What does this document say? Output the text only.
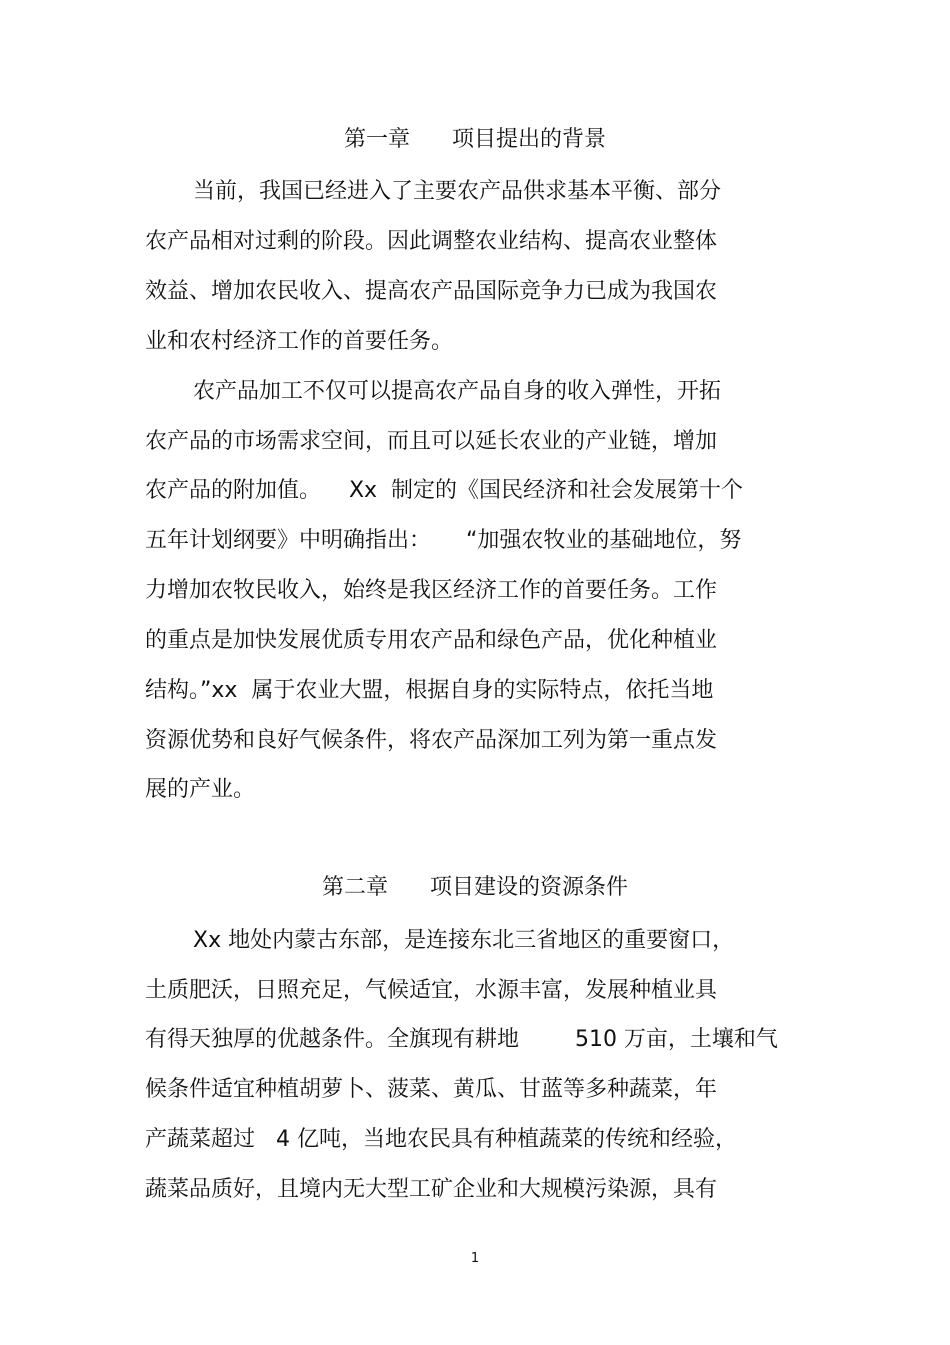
第一章      项目提出的背景
当前，我国已经进入了主要农产品供求基本平衡、部分
农产品相对过剩的阶段。因此调整农业结构、提高农业整体
效益、增加农民收入、提高农产品国际竞争力已成为我国农
业和农村经济工作的首要任务。
农产品加工不仅可以提高农产品自身的收入弹性，开拓
农产品的市场需求空间，而且可以延长农业的产业链，增加
农产品的附加值。    Xx  制定的《国民经济和社会发展第十个
五年计划纲要》中明确指出：     “加强农牧业的基础地位，努
力增加农牧民收入，始终是我区经济工作的首要任务。工作
的重点是加快发展优质专用农产品和绿色产品，优化种植业
结构。”xx  属于农业大盟，根据自身的实际特点，依托当地
资源优势和良好气候条件，将农产品深加工列为第一重点发
展的产业。
第二章      项目建设的资源条件
Xx 地处内蒙古东部，是连接东北三省地区的重要窗口，
土质肥沃，日照充足，气候适宜，水源丰富，发展种植业具
有得天独厚的优越条件。全旗现有耕地        510 万亩，土壤和气
候条件适宜种植胡萝卜、菠菜、黄瓜、甘蓝等多种蔬菜，年
产蔬菜超过   4 亿吨，当地农民具有种植蔬菜的传统和经验，
蔬菜品质好，且境内无大型工矿企业和大规模污染源，具有
1
